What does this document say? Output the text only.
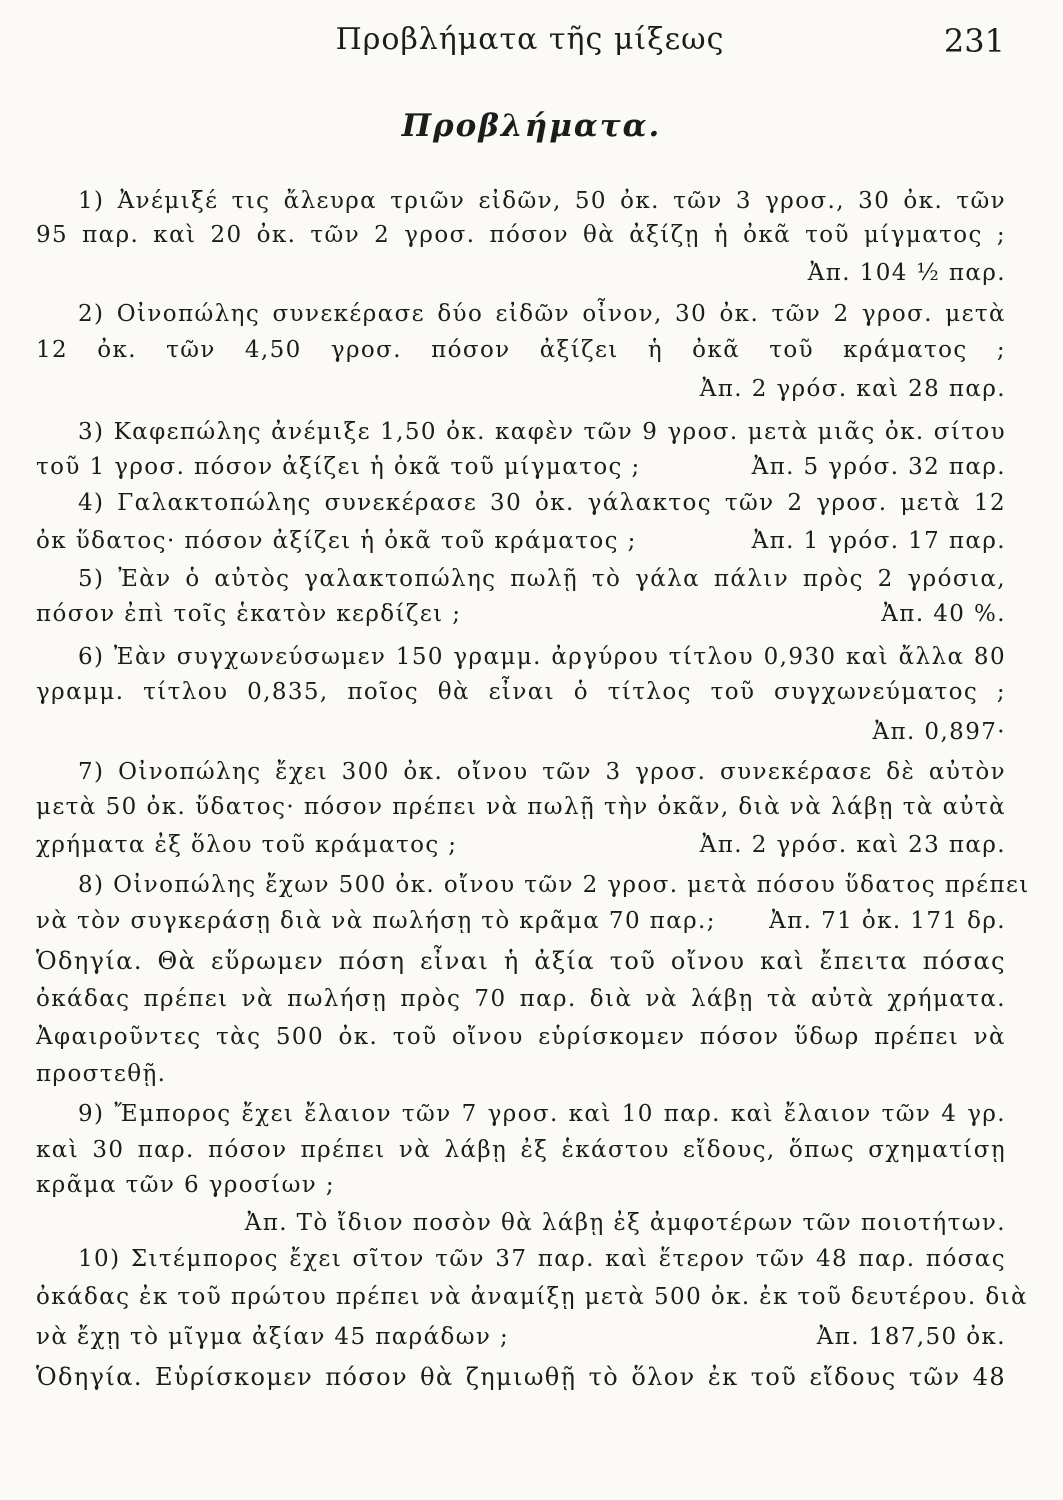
Προβλήματα τῆς μίξεως	231
Προβλήματα.
1) Ἀνέμιξέ τις ἄλευρα τριῶν εἰδῶν, 50 ὀκ. τῶν 3 γροσ., 30 ὀκ. τῶν
95 παρ. καὶ 20 ὀκ. τῶν 2 γροσ. πόσον θὰ ἀξίζῃ ἡ ὀκᾶ τοῦ μίγματος ;
Ἀπ. 104 ½ παρ.
2) Οἰνοπώλης συνεκέρασε δύο εἰδῶν οἶνον, 30 ὀκ. τῶν 2 γροσ. μετὰ
12 ὀκ. τῶν 4,50 γροσ. πόσον ἀξίζει ἡ ὀκᾶ τοῦ κράματος ;
Ἀπ. 2 γρόσ. καὶ 28 παρ.
3) Καφεπώλης ἀνέμιξε 1,50 ὀκ. καφὲν τῶν 9 γροσ. μετὰ μιᾶς ὀκ. σίτου
τοῦ 1 γροσ. πόσον ἀξίζει ἡ ὀκᾶ τοῦ μίγματος ;	Ἀπ. 5 γρόσ. 32 παρ.
4) Γαλακτοπώλης συνεκέρασε 30 ὀκ. γάλακτος τῶν 2 γροσ. μετὰ 12
ὀκ ὕδατος· πόσον ἀξίζει ἡ ὀκᾶ τοῦ κράματος ;	Ἀπ. 1 γρόσ. 17 παρ.
5) Ἐὰν ὁ αὐτὸς γαλακτοπώλης πωλῇ τὸ γάλα πάλιν πρὸς 2 γρόσια,
πόσον ἐπὶ τοῖς ἑκατὸν κερδίζει ;	Ἀπ. 40 %.
6) Ἐὰν συγχωνεύσωμεν 150 γραμμ. ἀργύρου τίτλου 0,930 καὶ ἄλλα 80
γραμμ. τίτλου 0,835, ποῖος θὰ εἶναι ὁ τίτλος τοῦ συγχωνεύματος ;
Ἀπ. 0,897·
7) Οἰνοπώλης ἔχει 300 ὀκ. οἴνου τῶν 3 γροσ. συνεκέρασε δὲ αὐτὸν
μετὰ 50 ὀκ. ὕδατος· πόσον πρέπει νὰ πωλῇ τὴν ὀκᾶν, διὰ νὰ λάβῃ τὰ αὐτὰ
χρήματα ἐξ ὅλου τοῦ κράματος ;	Ἀπ. 2 γρόσ. καὶ 23 παρ.
8) Οἰνοπώλης ἔχων 500 ὀκ. οἴνου τῶν 2 γροσ. μετὰ πόσου ὕδατος πρέπει
νὰ τὸν συγκεράσῃ διὰ νὰ πωλήσῃ τὸ κρᾶμα 70 παρ.; Ἀπ. 71 ὀκ. 171 δρ.
Ὁδηγία. Θὰ εὕρωμεν πόση εἶναι ἡ ἀξία τοῦ οἴνου καὶ ἔπειτα πόσας
ὀκάδας πρέπει νὰ πωλήσῃ πρὸς 70 παρ. διὰ νὰ λάβῃ τὰ αὐτὰ χρήματα.
Ἀφαιροῦντες τὰς 500 ὀκ. τοῦ οἴνου εὑρίσκομεν πόσον ὕδωρ πρέπει νὰ
προστεθῇ.
9) Ἔμπορος ἔχει ἔλαιον τῶν 7 γροσ. καὶ 10 παρ. καὶ ἔλαιον τῶν 4 γρ.
καὶ 30 παρ. πόσον πρέπει νὰ λάβῃ ἐξ ἑκάστου εἴδους, ὅπως σχηματίσῃ
κρᾶμα τῶν 6 γροσίων ;
Ἀπ. Τὸ ἴδιον ποσὸν θὰ λάβῃ ἐξ ἀμφοτέρων τῶν ποιοτήτων.
10) Σιτέμπορος ἔχει σῖτον τῶν 37 παρ. καὶ ἕτερον τῶν 48 παρ. πόσας
ὀκάδας ἐκ τοῦ πρώτου πρέπει νὰ ἀναμίξῃ μετὰ 500 ὀκ. ἐκ τοῦ δευτέρου. διὰ
νὰ ἔχῃ τὸ μῖγμα ἀξίαν 45 παράδων ;	Ἀπ. 187,50 ὀκ.
Ὁδηγία. Εὑρίσκομεν πόσον θὰ ζημιωθῇ τὸ ὅλον ἐκ τοῦ εἴδους τῶν 48
